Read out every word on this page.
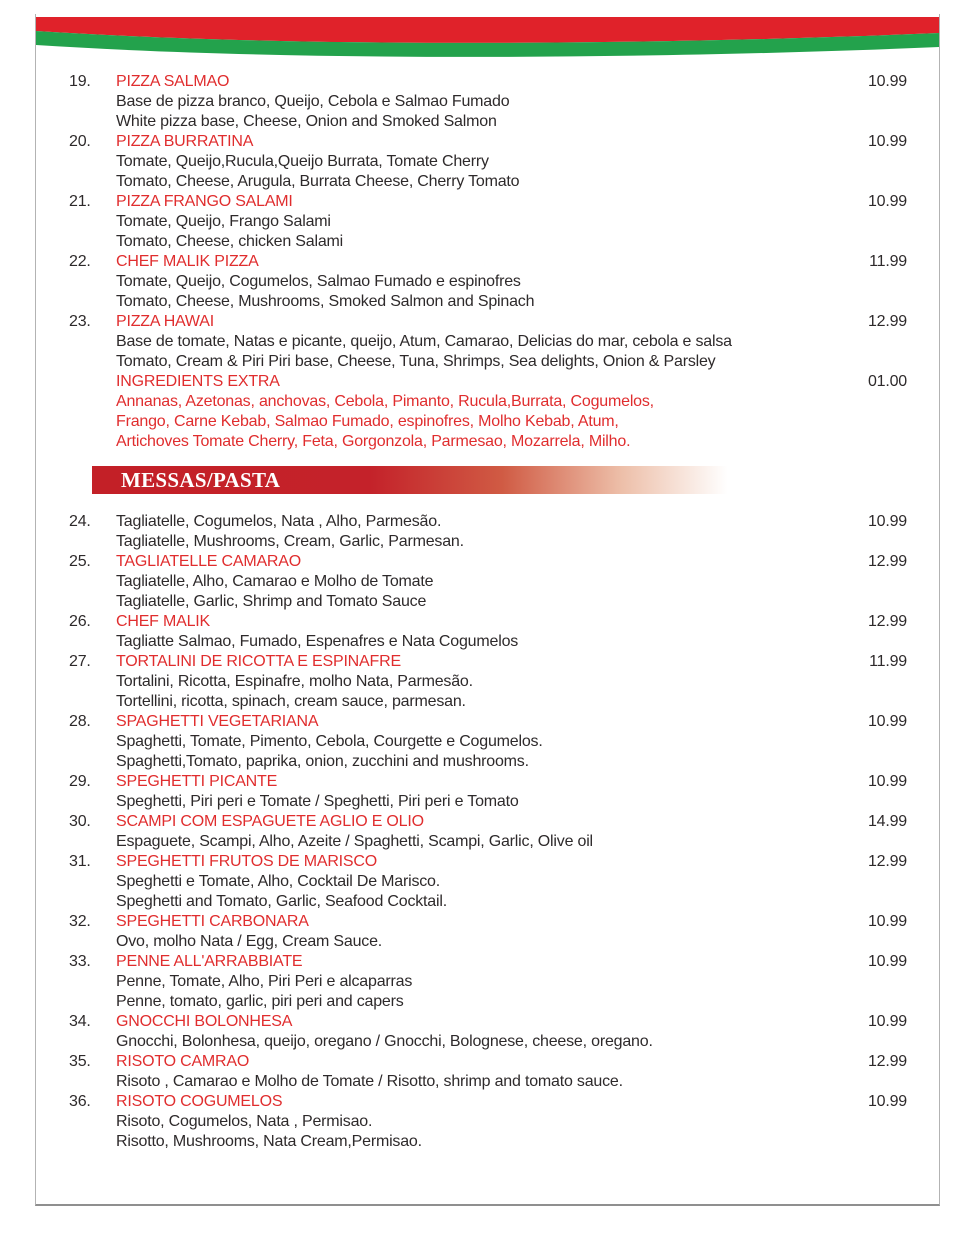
19.	PIZZA SALMAO
Base de pizza branco, Queijo, Cebola e Salmao Fumado
White pizza base, Cheese, Onion and Smoked Salmon
10.99
20.	PIZZA BURRATINA
Tomate, Queijo,Rucula,Queijo Burrata, Tomate Cherry
Tomato, Cheese, Arugula, Burrata Cheese, Cherry Tomato
10.99
21.	PIZZA FRANGO SALAMI
Tomate, Queijo, Frango Salami
Tomato, Cheese, chicken Salami
10.99
22.	CHEF MALIK PIZZA
Tomate, Queijo, Cogumelos, Salmao Fumado e espinofres
Tomato, Cheese, Mushrooms, Smoked Salmon and Spinach
11.99
23.	PIZZA HAWAI
Base de tomate, Natas e picante, queijo, Atum, Camarao, Delicias do mar, cebola e salsa
Tomato, Cream & Piri Piri base, Cheese, Tuna, Shrimps, Sea delights, Onion & Parsley
12.99
INGREDIENTS EXTRA
Annanas, Azetonas, anchovas, Cebola, Pimanto, Rucula,Burrata, Cogumelos,
Frango, Carne Kebab, Salmao Fumado, espinofres, Molho Kebab, Atum,
Artichoves Tomate Cherry, Feta, Gorgonzola, Parmesao, Mozarrela, Milho.
01.00
MESSAS/PASTA
24.	Tagliatelle, Cogumelos, Nata , Alho, Parmesão.
Tagliatelle, Mushrooms, Cream, Garlic, Parmesan.
10.99
25.	TAGLIATELLE CAMARAO
Tagliatelle, Alho, Camarao e Molho de Tomate
Tagliatelle, Garlic, Shrimp and Tomato Sauce
12.99
26.	CHEF MALIK
Tagliatte Salmao, Fumado, Espenafres e Nata Cogumelos
12.99
27.	TORTALINI DE RICOTTA E ESPINAFRE
Tortalini, Ricotta, Espinafre, molho Nata, Parmesão.
Tortellini, ricotta, spinach, cream sauce, parmesan.
11.99
28.	SPAGHETTI VEGETARIANA
Spaghetti, Tomate, Pimento, Cebola, Courgette e Cogumelos.
Spaghetti,Tomato, paprika, onion, zucchini and mushrooms.
10.99
29.	SPEGHETTI PICANTE
Speghetti, Piri peri e Tomate / Speghetti, Piri peri e Tomato
10.99
30.	SCAMPI COM ESPAGUETE AGLIO E OLIO
Espaguete, Scampi, Alho, Azeite / Spaghetti, Scampi, Garlic, Olive oil
14.99
31.	SPEGHETTI FRUTOS DE MARISCO
Speghetti e Tomate, Alho, Cocktail De Marisco.
Speghetti and Tomato, Garlic, Seafood Cocktail.
12.99
32.	SPEGHETTI CARBONARA
Ovo, molho Nata / Egg, Cream Sauce.
10.99
33.	PENNE ALL'ARRABBIATE
Penne, Tomate, Alho, Piri Peri e alcaparras
Penne, tomato, garlic, piri peri and capers
10.99
34.	GNOCCHI BOLONHESA
Gnocchi, Bolonhesa, queijo, oregano / Gnocchi, Bolognese, cheese, oregano.
10.99
35.	RISOTO CAMRAO
Risoto , Camarao e Molho de Tomate / Risotto, shrimp and tomato sauce.
12.99
36.	RISOTO COGUMELOS
Risoto, Cogumelos, Nata , Permisao.
Risotto, Mushrooms, Nata Cream,Permisao.
10.99
